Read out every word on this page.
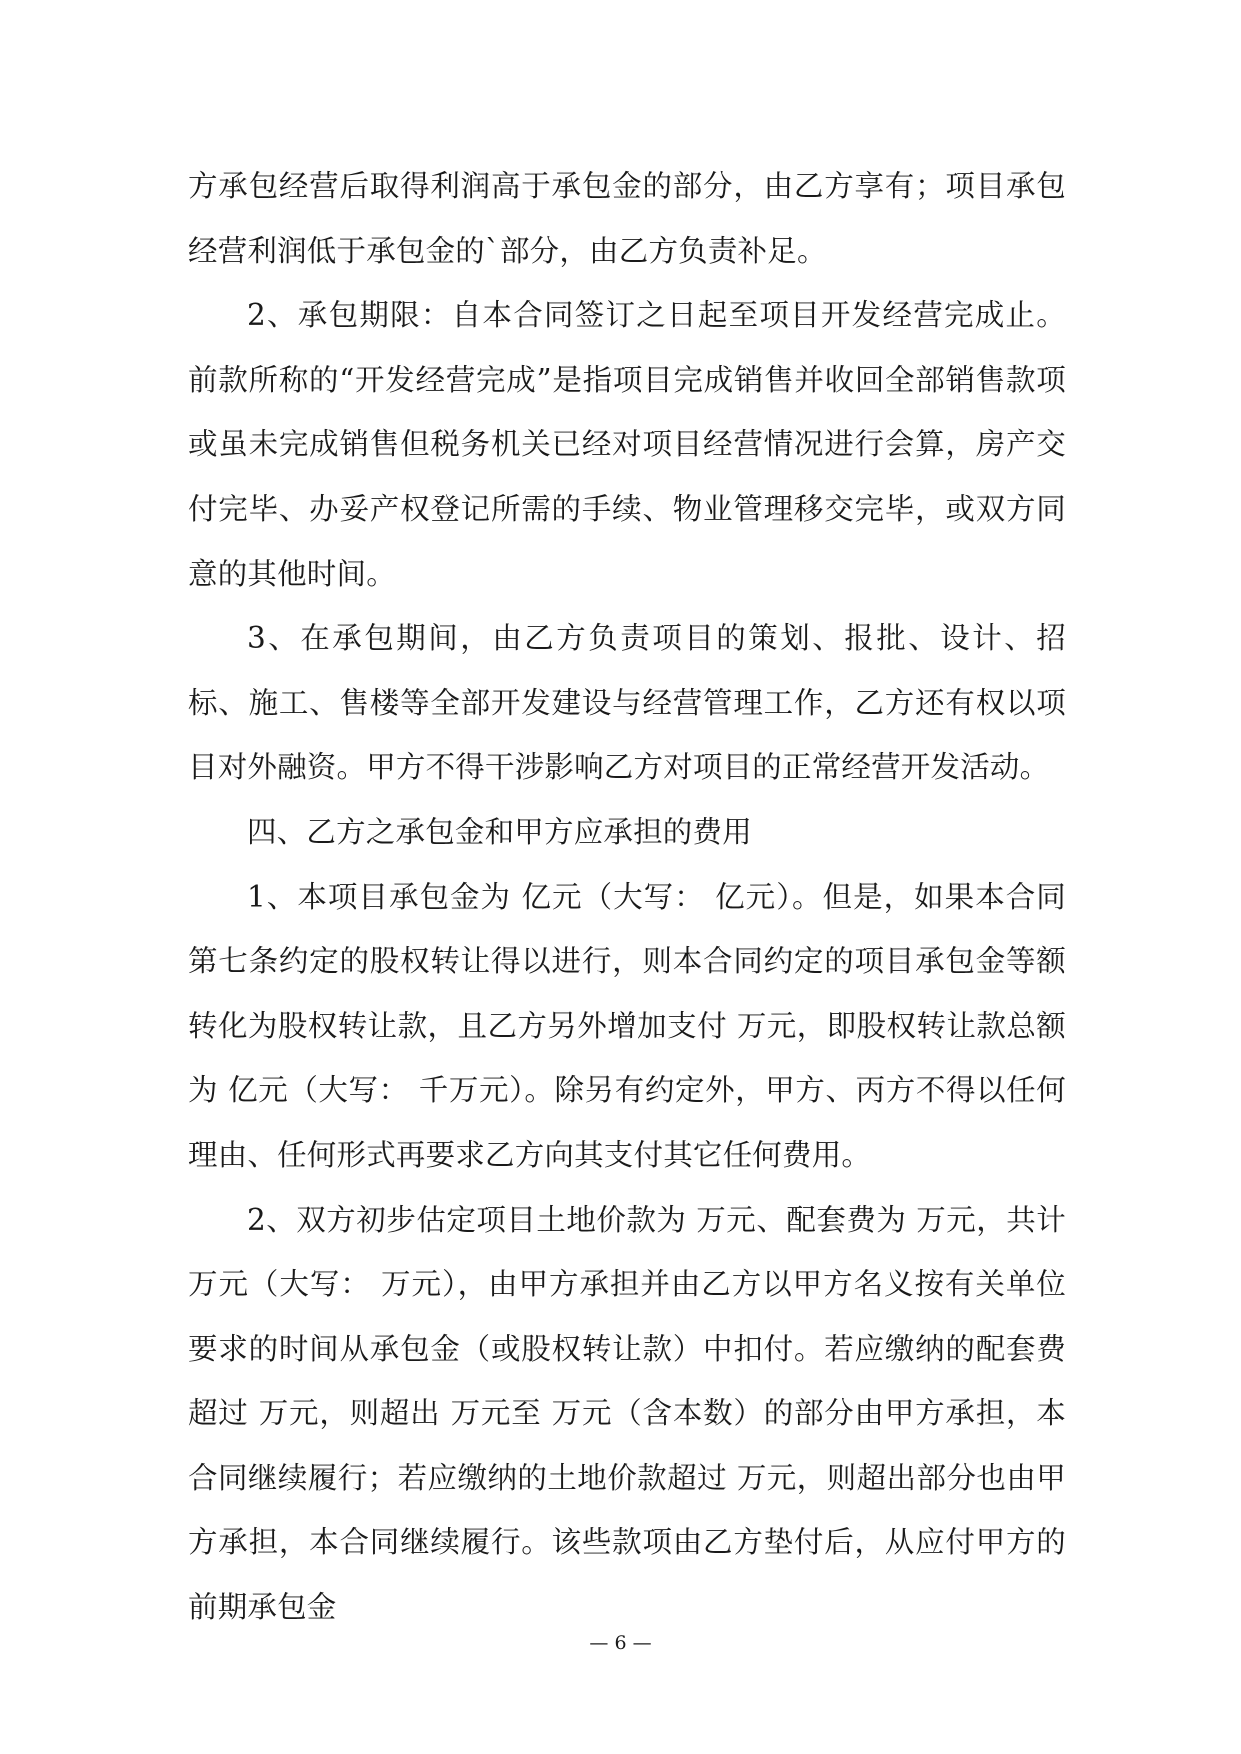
方承包经营后取得利润高于承包金的部分，由乙方享有；项目承包经营利润低于承包金的`部分，由乙方负责补足。

2、承包期限：自本合同签订之日起至项目开发经营完成止。前款所称的“开发经营完成”是指项目完成销售并收回全部销售款项或虽未完成销售但税务机关已经对项目经营情况进行会算，房产交付完毕、办妥产权登记所需的手续、物业管理移交完毕，或双方同意的其他时间。

3、在承包期间，由乙方负责项目的策划、报批、设计、招标、施工、售楼等全部开发建设与经营管理工作，乙方还有权以项目对外融资。甲方不得干涉影响乙方对项目的正常经营开发活动。

四、乙方之承包金和甲方应承担的费用

1、本项目承包金为 亿元（大写： 亿元）。但是，如果本合同第七条约定的股权转让得以进行，则本合同约定的项目承包金等额转化为股权转让款，且乙方另外增加支付 万元，即股权转让款总额为 亿元（大写： 千万元）。除另有约定外，甲方、丙方不得以任何理由、任何形式再要求乙方向其支付其它任何费用。

2、双方初步估定项目土地价款为 万元、配套费为 万元，共计 万元（大写： 万元），由甲方承担并由乙方以甲方名义按有关单位要求的时间从承包金（或股权转让款）中扣付。若应缴纳的配套费超过 万元，则超出 万元至 万元（含本数）的部分由甲方承担，本合同继续履行；若应缴纳的土地价款超过 万元，则超出部分也由甲方承担，本合同继续履行。该些款项由乙方垫付后，从应付甲方的前期承包金

— 6 —
